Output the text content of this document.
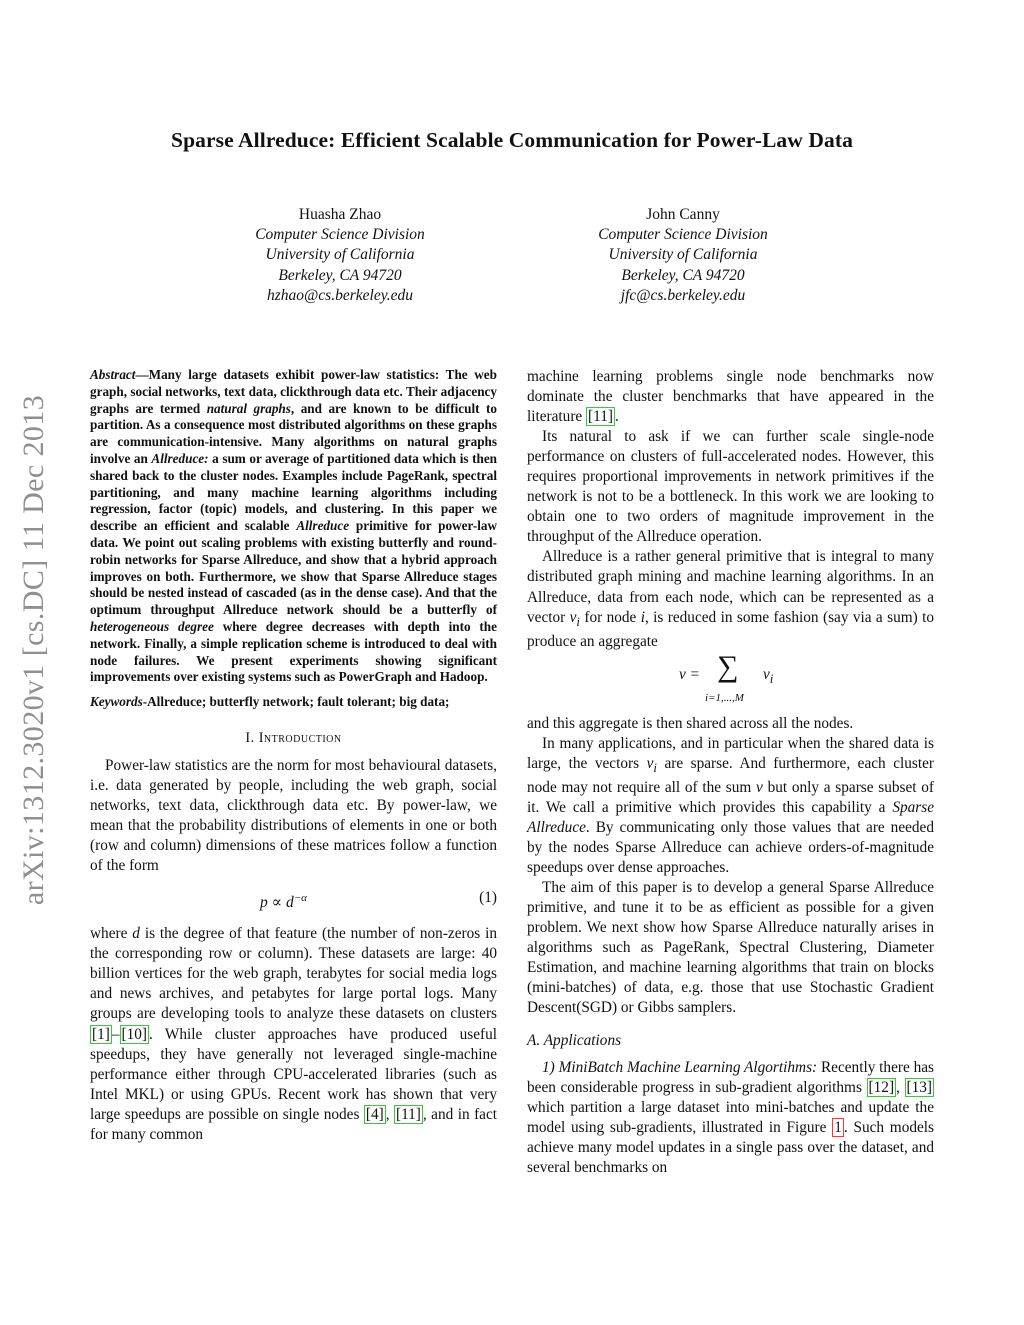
arXiv:1312.3020v1 [cs.DC] 11 Dec 2013
Sparse Allreduce: Efficient Scalable Communication for Power-Law Data
Huasha Zhao
Computer Science Division
University of California
Berkeley, CA 94720
hzhao@cs.berkeley.edu
John Canny
Computer Science Division
University of California
Berkeley, CA 94720
jfc@cs.berkeley.edu
Abstract—Many large datasets exhibit power-law statistics: The web graph, social networks, text data, clickthrough data etc. Their adjacency graphs are termed natural graphs, and are known to be difficult to partition. As a consequence most distributed algorithms on these graphs are communication-intensive. Many algorithms on natural graphs involve an Allreduce: a sum or average of partitioned data which is then shared back to the cluster nodes. Examples include PageRank, spectral partitioning, and many machine learning algorithms including regression, factor (topic) models, and clustering. In this paper we describe an efficient and scalable Allreduce primitive for power-law data. We point out scaling problems with existing butterfly and round-robin networks for Sparse Allreduce, and show that a hybrid approach improves on both. Furthermore, we show that Sparse Allreduce stages should be nested instead of cascaded (as in the dense case). And that the optimum throughput Allreduce network should be a butterfly of heterogeneous degree where degree decreases with depth into the network. Finally, a simple replication scheme is introduced to deal with node failures. We present experiments showing significant improvements over existing systems such as PowerGraph and Hadoop.
Keywords-Allreduce; butterfly network; fault tolerant; big data;
I. Introduction

Power-law statistics are the norm for most behavioural datasets, i.e. data generated by people, including the web graph, social networks, text data, clickthrough data etc. By power-law, we mean that the probability distributions of elements in one or both (row and column) dimensions of these matrices follow a function of the form

$p \propto d^{-\alpha}$	(1)

where d is the degree of that feature (the number of non-zeros in the corresponding row or column). These datasets are large: 40 billion vertices for the web graph, terabytes for social media logs and news archives, and petabytes for large portal logs. Many groups are developing tools to analyze these datasets on clusters [1] – [10] . While cluster approaches have produced useful speedups, they have generally not leveraged single-machine performance either through CPU-accelerated libraries (such as Intel MKL) or using GPUs. Recent work has shown that very large speedups are possible on single nodes [4] , [11] , and in fact for many common

machine learning problems single node benchmarks now dominate the cluster benchmarks that have appeared in the literature [11] .

Its natural to ask if we can further scale single-node performance on clusters of full-accelerated nodes. However, this requires proportional improvements in network primitives if the network is not to be a bottleneck. In this work we are looking to obtain one to two orders of magnitude improvement in the throughput of the Allreduce operation.

Allreduce is a rather general primitive that is integral to many distributed graph mining and machine learning algorithms. In an Allreduce, data from each node, which can be represented as a vector $v_i$ for node i, is reduced in some fashion (say via a sum) to produce an aggregate

v = ∑
i=1,...,M
$v_i$

and this aggregate is then shared across all the nodes.

In many applications, and in particular when the shared data is large, the vectors $v_i$ are sparse. And furthermore, each cluster node may not require all of the sum v but only a sparse subset of it. We call a primitive which provides this capability a Sparse Allreduce. By communicating only those values that are needed by the nodes Sparse Allreduce can achieve orders-of-magnitude speedups over dense approaches.

The aim of this paper is to develop a general Sparse Allreduce primitive, and tune it to be as efficient as possible for a given problem. We next show how Sparse Allreduce naturally arises in algorithms such as PageRank, Spectral Clustering, Diameter Estimation, and machine learning algorithms that train on blocks (mini-batches) of data, e.g. those that use Stochastic Gradient Descent(SGD) or Gibbs samplers.

A. Applications

1) MiniBatch Machine Learning Algortihms: Recently there has been considerable progress in sub-gradient algorithms [12] , [13] which partition a large dataset into mini-batches and update the model using sub-gradients, illustrated in Figure 1 . Such models achieve many model updates in a single pass over the dataset, and several benchmarks on
